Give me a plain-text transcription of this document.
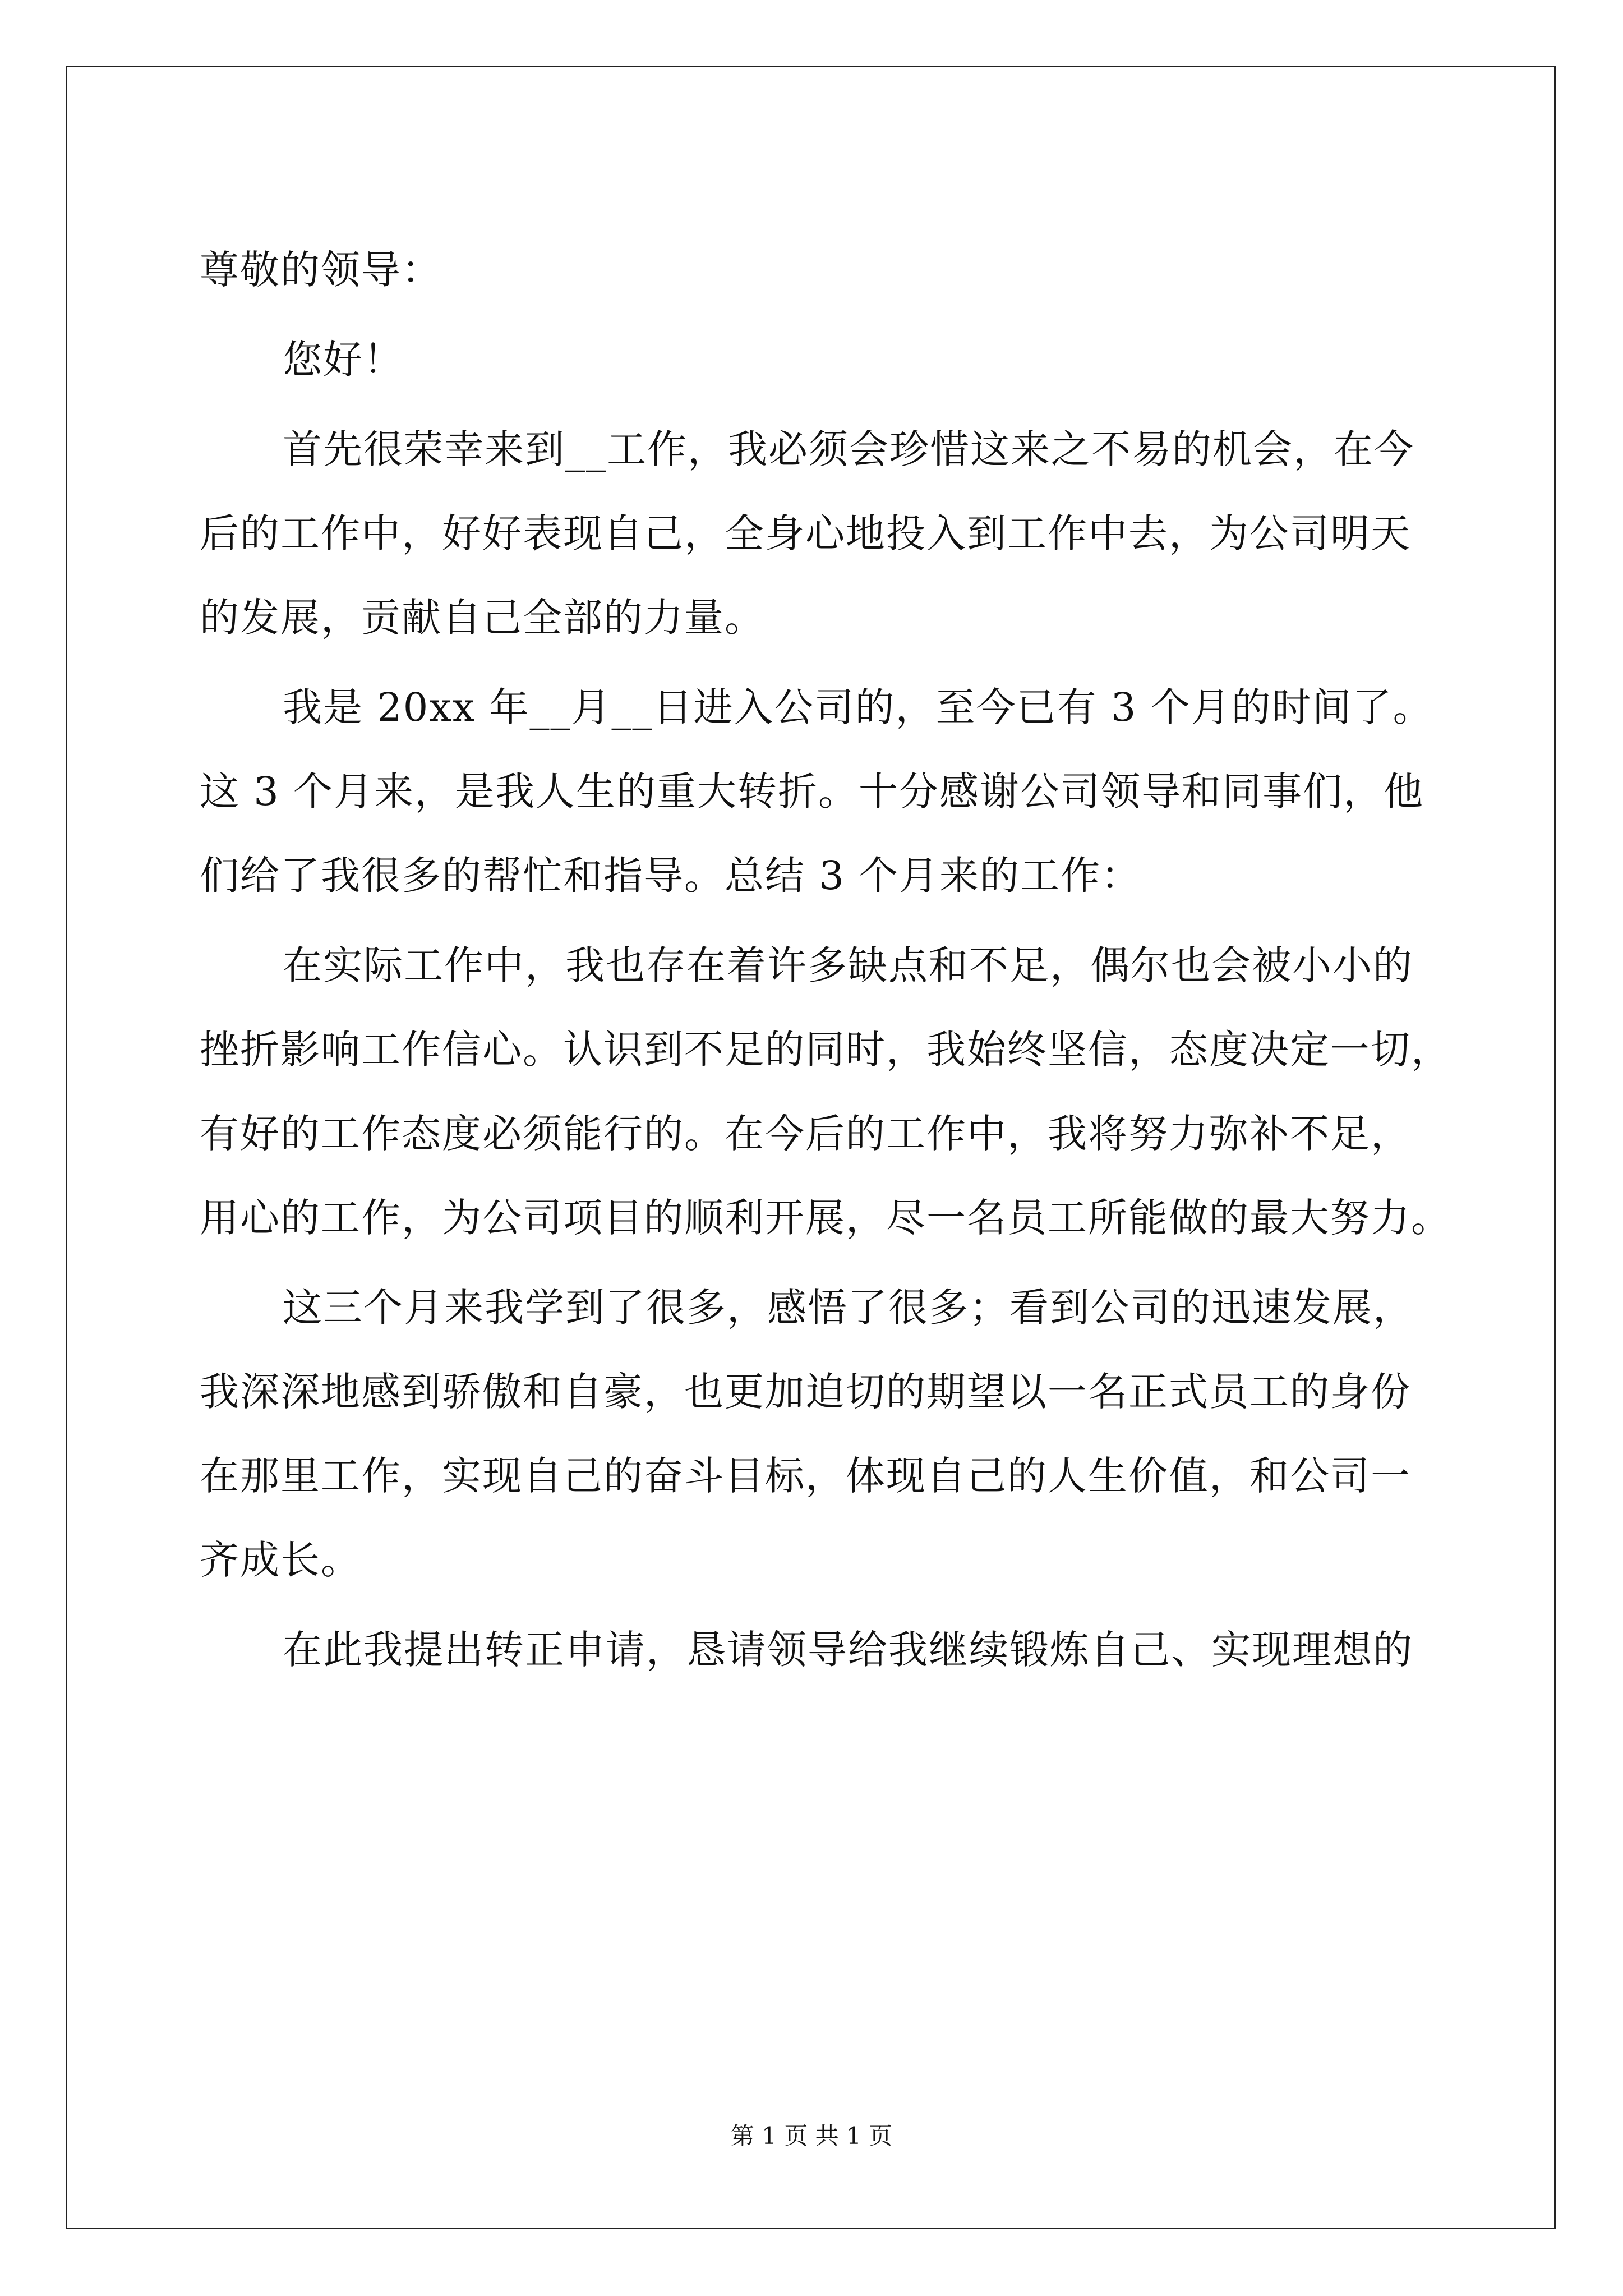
尊敬的领导：
您好！
首先很荣幸来到__工作，我必须会珍惜这来之不易的机会，在今
后的工作中，好好表现自己，全身心地投入到工作中去，为公司明天
的发展，贡献自己全部的力量。
我是 20xx 年__月__日进入公司的，至今已有 3 个月的时间了。
这 3 个月来，是我人生的重大转折。十分感谢公司领导和同事们，他
们给了我很多的帮忙和指导。总结 3 个月来的工作：
在实际工作中，我也存在着许多缺点和不足，偶尔也会被小小的
挫折影响工作信心。认识到不足的同时，我始终坚信，态度决定一切，
有好的工作态度必须能行的。在今后的工作中，我将努力弥补不足，
用心的工作，为公司项目的顺利开展，尽一名员工所能做的最大努力。
这三个月来我学到了很多，感悟了很多；看到公司的迅速发展，
我深深地感到骄傲和自豪，也更加迫切的期望以一名正式员工的身份
在那里工作，实现自己的奋斗目标，体现自己的人生价值，和公司一
齐成长。
在此我提出转正申请，恳请领导给我继续锻炼自己、实现理想的
第 1 页 共 1 页
